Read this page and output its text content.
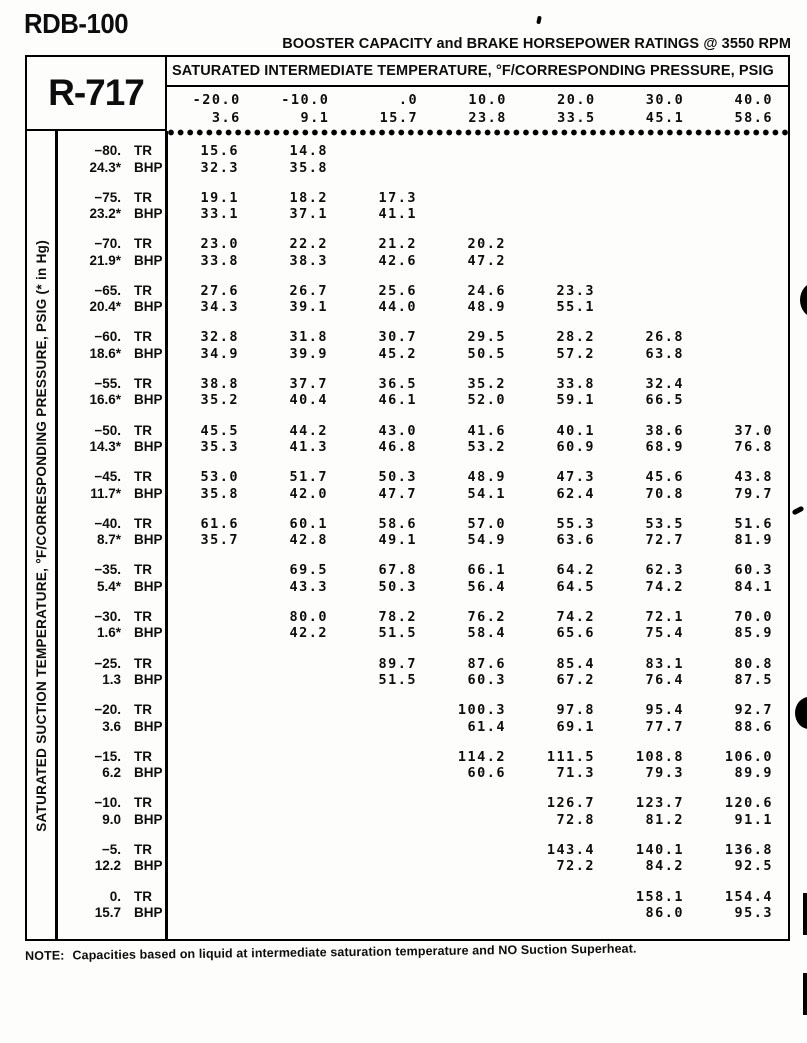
RDB-100
BOOSTER CAPACITY and BRAKE HORSEPOWER RATINGS @ 3550 RPM
R-717
SATURATED INTERMEDIATE TEMPERATURE, °F/CORRESPONDING PRESSURE, PSIG
-20.0
3.6
-10.0
9.1
.0
15.7
10.0
23.8
20.0
33.5
30.0
45.1
40.0
58.6
SATURATED SUCTION TEMPERATURE, °F/CORRESPONDING PRESSURE, PSIG (* in Hg)
−80.
24.3*
TR
BHP
15.6
32.3
14.8
35.8

−75.
23.2*
TR
BHP
19.1
33.1
18.2
37.1
17.3
41.1

−70.
21.9*
TR
BHP
23.0
33.8
22.2
38.3
21.2
42.6
20.2
47.2

−65.
20.4*
TR
BHP
27.6
34.3
26.7
39.1
25.6
44.0
24.6
48.9
23.3
55.1

−60.
18.6*
TR
BHP
32.8
34.9
31.8
39.9
30.7
45.2
29.5
50.5
28.2
57.2
26.8
63.8

−55.
16.6*
TR
BHP
38.8
35.2
37.7
40.4
36.5
46.1
35.2
52.0
33.8
59.1
32.4
66.5

−50.
14.3*
TR
BHP
45.5
35.3
44.2
41.3
43.0
46.8
41.6
53.2
40.1
60.9
38.6
68.9
37.0
76.8
−45.
11.7*
TR
BHP
53.0
35.8
51.7
42.0
50.3
47.7
48.9
54.1
47.3
62.4
45.6
70.8
43.8
79.7
−40.
8.7*
TR
BHP
61.6
35.7
60.1
42.8
58.6
49.1
57.0
54.9
55.3
63.6
53.5
72.7
51.6
81.9
−35.
5.4*
TR
BHP

69.5
43.3
67.8
50.3
66.1
56.4
64.2
64.5
62.3
74.2
60.3
84.1
−30.
1.6*
TR
BHP

80.0
42.2
78.2
51.5
76.2
58.4
74.2
65.6
72.1
75.4
70.0
85.9
−25.
1.3
TR
BHP

89.7
51.5
87.6
60.3
85.4
67.2
83.1
76.4
80.8
87.5
−20.
3.6
TR
BHP

100.3
61.4
97.8
69.1
95.4
77.7
92.7
88.6
−15.
6.2
TR
BHP

114.2
60.6
111.5
71.3
108.8
79.3
106.0
89.9
−10.
9.0
TR
BHP

126.7
72.8
123.7
81.2
120.6
91.1
−5.
12.2
TR
BHP

143.4
72.2
140.1
84.2
136.8
92.5
0.
15.7
TR
BHP

158.1
86.0
154.4
95.3
NOTE: Capacities based on liquid at intermediate saturation temperature and NO Suction Superheat.
